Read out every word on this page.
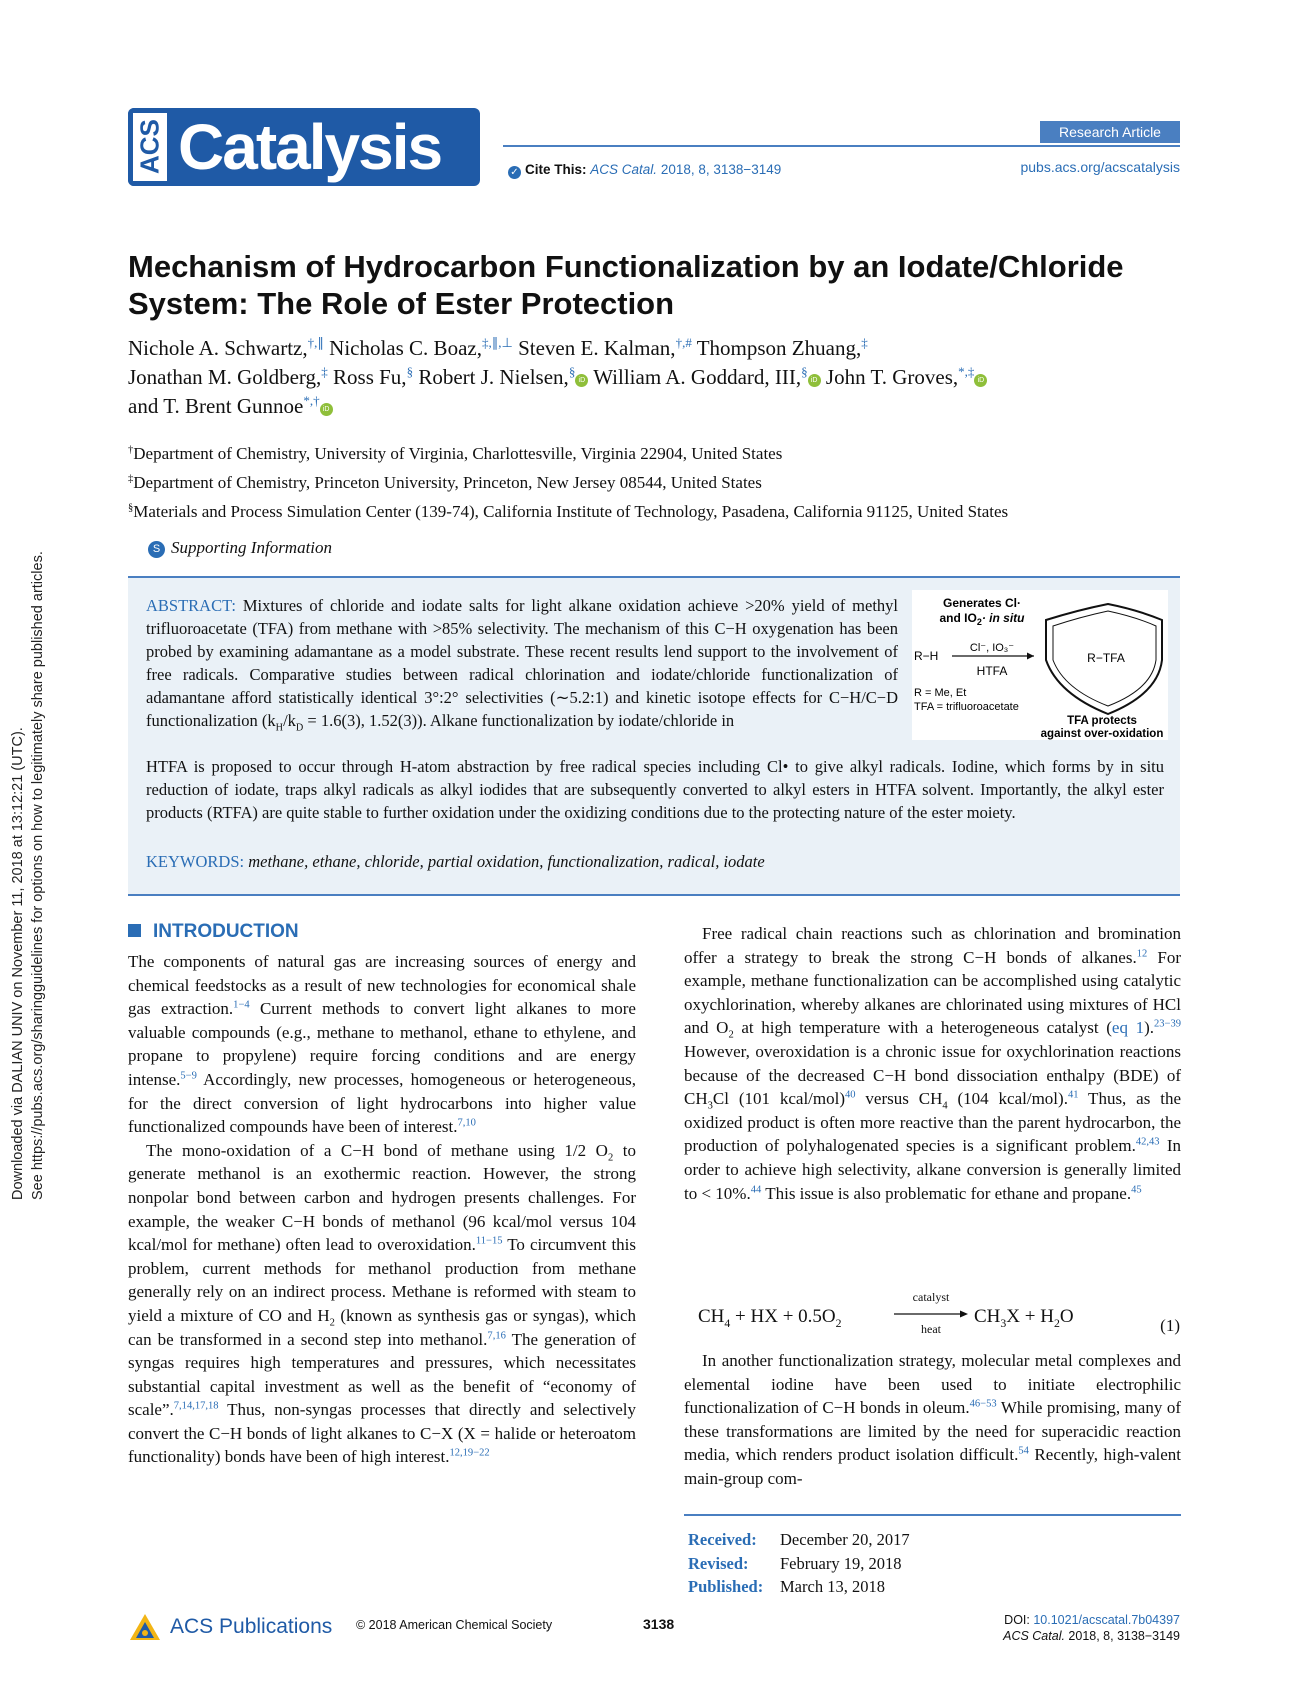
Downloaded via DALIAN UNIV on November 11, 2018 at 13:12:21 (UTC). See https://pubs.acs.org/sharingguidelines for options on how to legitimately share published articles.
ACS Catalysis	Research Article
✓ Cite This: ACS Catal. 2018, 8, 3138−3149	pubs.acs.org/acscatalysis
Mechanism of Hydrocarbon Functionalization by an Iodate/Chloride System: The Role of Ester Protection
Nichole A. Schwartz,†,∥ Nicholas C. Boaz,‡,∥,⊥ Steven E. Kalman,†,# Thompson Zhuang,‡
Jonathan M. Goldberg,‡ Ross Fu,§ Robert J. Nielsen,§iD William A. Goddard, III,§iD John T. Groves,*,‡iD
and T. Brent Gunnoe*,†iD
†Department of Chemistry, University of Virginia, Charlottesville, Virginia 22904, United States
‡Department of Chemistry, Princeton University, Princeton, New Jersey 08544, United States
§Materials and Process Simulation Center (139-74), California Institute of Technology, Pasadena, California 91125, United States
S Supporting Information
ABSTRACT: Mixtures of chloride and iodate salts for light alkane oxidation achieve >20% yield of methyl trifluoroacetate (TFA) from methane with >85% selectivity. The mechanism of this C−H oxygenation has been probed by examining adamantane as a model substrate. These recent results lend support to the involvement of free radicals. Comparative studies between radical chlorination and iodate/chloride functionalization of adamantane afford statistically identical 3°:2° selectivities (∼5.2:1) and kinetic isotope effects for C−H/C−D functionalization ($k_H/k_D = 1.6(3)$, 1.52(3)). Alkane functionalization by iodate/chloride in
HTFA is proposed to occur through H-atom abstraction by free radical species including Cl• to give alkyl radicals. Iodine, which forms by in situ reduction of iodate, traps alkyl radicals as alkyl iodides that are subsequently converted to alkyl esters in HTFA solvent. Importantly, the alkyl ester products (RTFA) are quite stable to further oxidation under the oxidizing conditions due to the protecting nature of the ester moiety.
KEYWORDS: methane, ethane, chloride, partial oxidation, functionalization, radical, iodate
Generates Cl·
and $IO_2\cdot$ in situ
R−H
Cl⁻, IO₃⁻
HTFA
R−TFA
R = Me, Et
TFA = trifluoroacetate
TFA protects
against over-oxidation
INTRODUCTION

The components of natural gas are increasing sources of energy and chemical feedstocks as a result of new technologies for economical shale gas extraction.$^{1-4}$ Current methods to convert light alkanes to more valuable compounds (e.g., methane to methanol, ethane to ethylene, and propane to propylene) require forcing conditions and are energy intense.$^{5-9}$ Accordingly, new processes, homogeneous or heterogeneous, for the direct conversion of light hydrocarbons into higher value functionalized compounds have been of interest.$^{7,10}$

The mono-oxidation of a C−H bond of methane using 1/2 $O_2$ to generate methanol is an exothermic reaction. However, the strong nonpolar bond between carbon and hydrogen presents challenges. For example, the weaker C−H bonds of methanol (96 kcal/mol versus 104 kcal/mol for methane) often lead to overoxidation.$^{11-15}$ To circumvent this problem, current methods for methanol production from methane generally rely on an indirect process. Methane is reformed with steam to yield a mixture of CO and $H_2$ (known as synthesis gas or syngas), which can be transformed in a second step into methanol.$^{7,16}$ The generation of syngas requires high temperatures and pressures, which necessitates substantial capital investment as well as the benefit of “economy of scale”.$^{7,14,17,18}$ Thus, non-syngas processes that directly and selectively convert the C−H bonds of light alkanes to C−X (X = halide or heteroatom functionality) bonds have been of high interest.$^{12,19-22}$

Free radical chain reactions such as chlorination and bromination offer a strategy to break the strong C−H bonds of alkanes.$^{12}$ For example, methane functionalization can be accomplished using catalytic oxychlorination, whereby alkanes are chlorinated using mixtures of HCl and $O_2$ at high temperature with a heterogeneous catalyst (eq 1).$^{23-39}$ However, overoxidation is a chronic issue for oxychlorination reactions because of the decreased C−H bond dissociation enthalpy (BDE) of $CH_3Cl$ (101 kcal/mol)$^{40}$ versus $CH_4$ (104 kcal/mol).$^{41}$ Thus, as the oxidized product is often more reactive than the parent hydrocarbon, the production of polyhalogenated species is a significant problem.$^{42,43}$ In order to achieve high selectivity, alkane conversion is generally limited to < 10%.$^{44}$ This issue is also problematic for ethane and propane.$^{45}$

$CH_4$ + HX + $0.5O_2$
catalyst
heat
$CH_3X + H_2O$	(1)

In another functionalization strategy, molecular metal complexes and elemental iodine have been used to initiate electrophilic functionalization of C−H bonds in oleum.$^{46-53}$ While promising, many of these transformations are limited by the need for superacidic reaction media, which renders product isolation difficult.$^{54}$ Recently, high-valent main-group com-

Received: December 20, 2017
Revised: February 19, 2018
Published: March 13, 2018
ACS Publications © 2018 American Chemical Society	3138	DOI: 10.1021/acscatal.7b04397
ACS Catal. 2018, 8, 3138−3149
